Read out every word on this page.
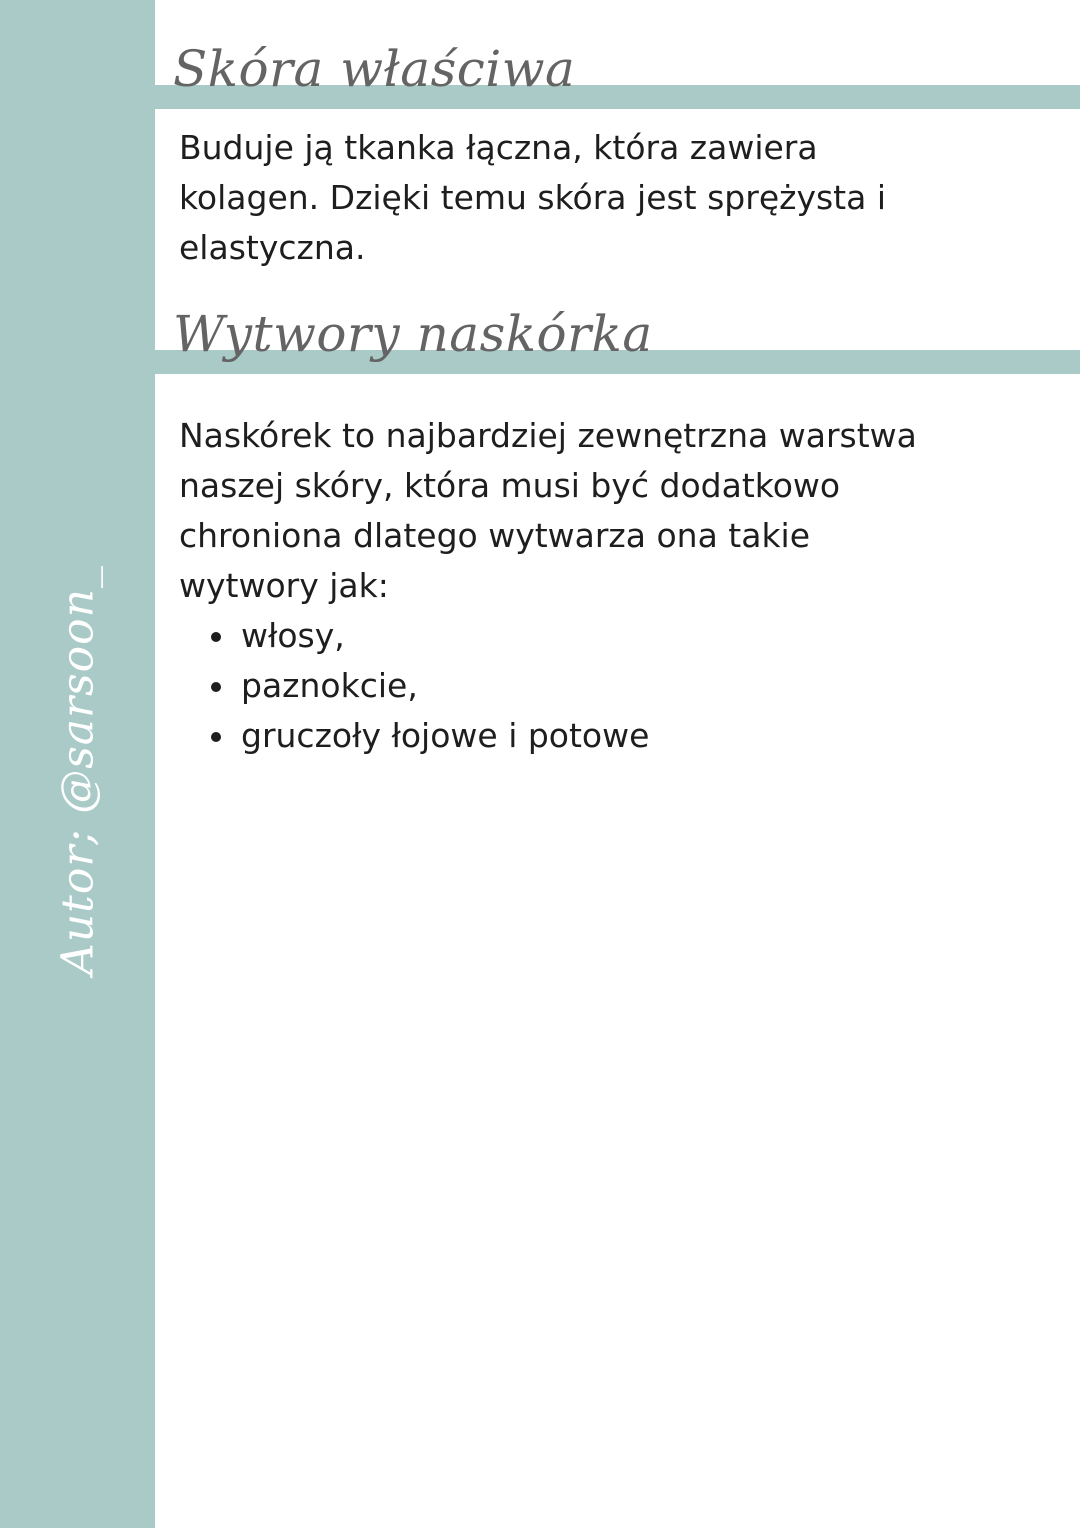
Autor; @sarsoon_
Skóra właściwa

Buduje ją tkanka łączna, która zawiera kolagen. Dzięki temu skóra jest sprężysta i elastyczna.

Wytwory naskórka

Naskórek to najbardziej zewnętrzna warstwa naszej skóry, która musi być dodatkowo chroniona dlatego wytwarza ona takie wytwory jak:

włosy,
paznokcie,
gruczoły łojowe i potowe
